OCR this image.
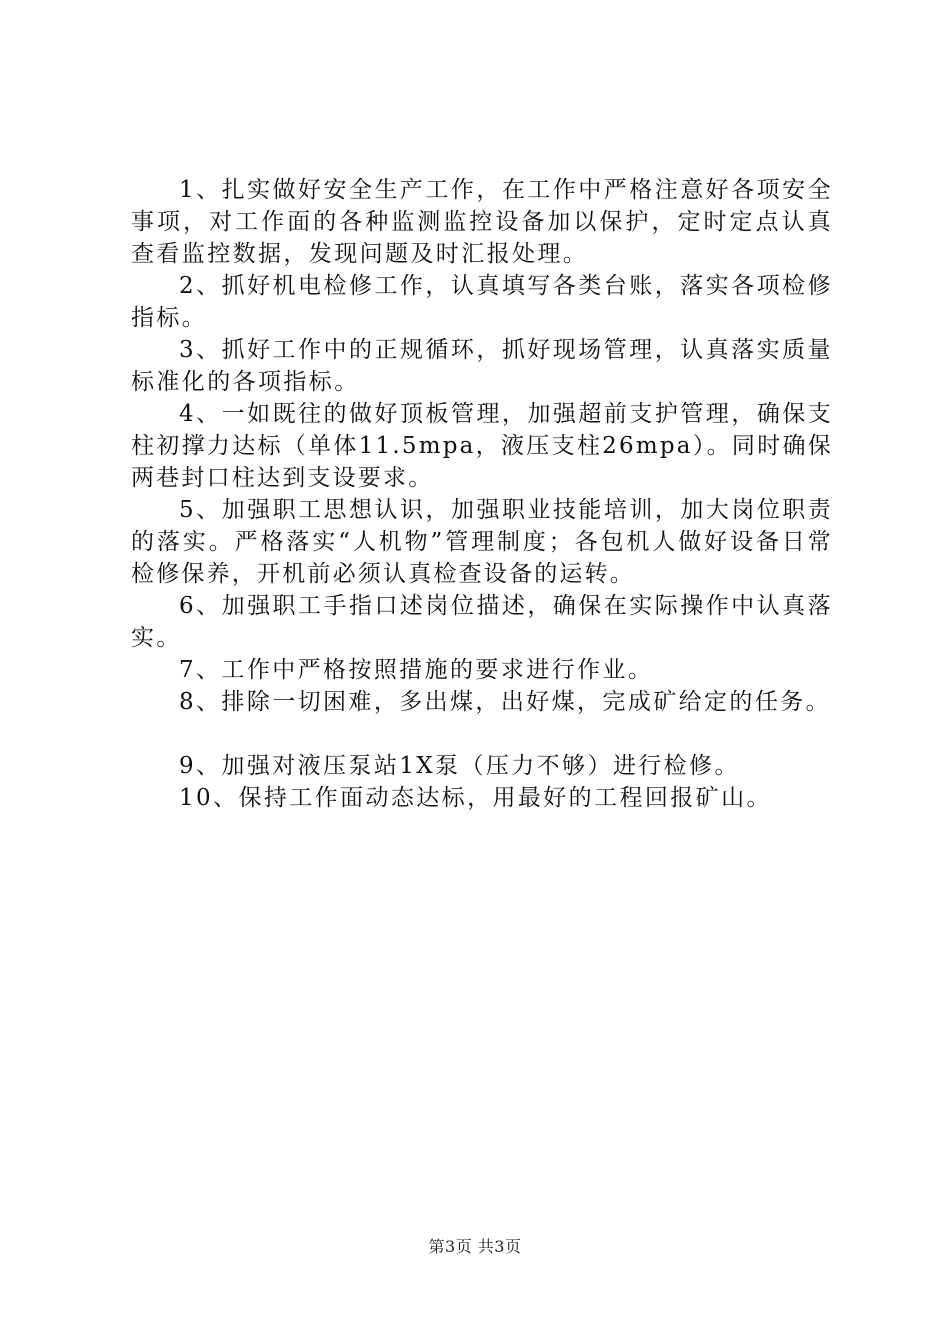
1、扎实做好安全生产工作，在工作中严格注意好各项安全事项，对工作面的各种监测监控设备加以保护，定时定点认真查看监控数据，发现问题及时汇报处理。

2、抓好机电检修工作，认真填写各类台账，落实各项检修指标。

3、抓好工作中的正规循环，抓好现场管理，认真落实质量标准化的各项指标。

4、一如既往的做好顶板管理，加强超前支护管理，确保支柱初撑力达标（单体11.5mpa，液压支柱26mpa）。同时确保两巷封口柱达到支设要求。

5、加强职工思想认识，加强职业技能培训，加大岗位职责的落实。严格落实“人机物”管理制度；各包机人做好设备日常检修保养，开机前必须认真检查设备的运转。

6、加强职工手指口述岗位描述，确保在实际操作中认真落实。

7、工作中严格按照措施的要求进行作业。

8、排除一切困难，多出煤，出好煤，完成矿给定的任务。

9、加强对液压泵站1X泵（压力不够）进行检修。

10、保持工作面动态达标，用最好的工程回报矿山。

第3页 共3页
